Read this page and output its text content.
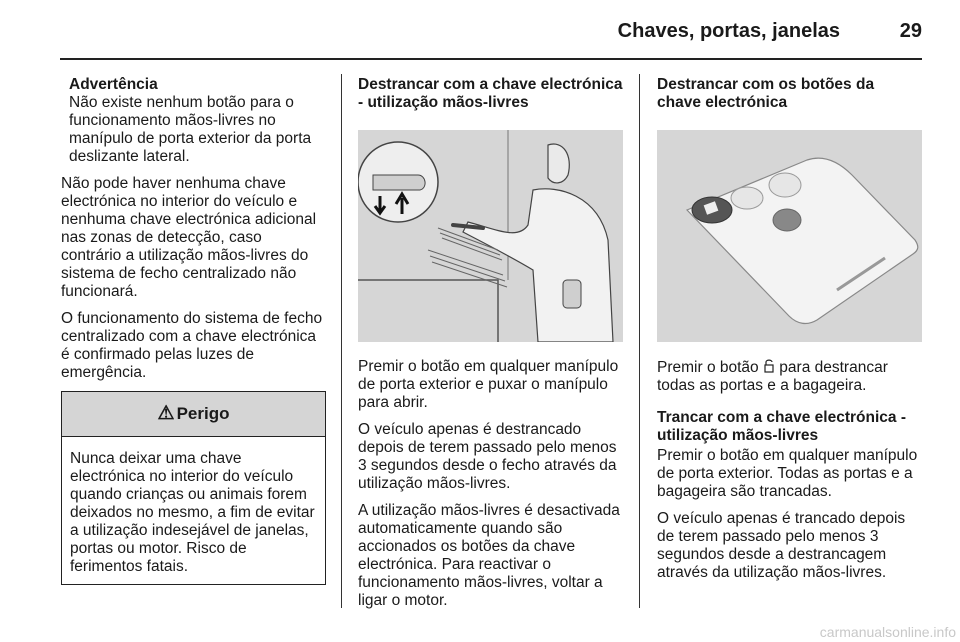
Chaves, portas, janelas	29
Advertência
Não existe nenhum botão para o funcionamento mãos-livres no manípulo de porta exterior da porta deslizante lateral.

Não pode haver nenhuma chave electrónica no interior do veículo e nenhuma chave electrónica adicional nas zonas de detecção, caso contrário a utilização mãos-livres do sistema de fecho centralizado não funcionará.

O funcionamento do sistema de fecho centralizado com a chave electrónica é confirmado pelas luzes de emergência.

⚠ Perigo
Nunca deixar uma chave electrónica no interior do veículo quando crianças ou animais forem deixados no mesmo, a fim de evitar a utilização indesejável de janelas, portas ou motor. Risco de ferimentos fatais.
Destrancar com a chave electrónica - utilização mãos-livres

Premir o botão em qualquer manípulo de porta exterior e puxar o manípulo para abrir.

O veículo apenas é destrancado depois de terem passado pelo menos 3 segundos desde o fecho através da utilização mãos-livres.

A utilização mãos-livres é desactivada automaticamente quando são accionados os botões da chave electrónica. Para reactivar o funcionamento mãos-livres, voltar a ligar o motor.

Destrancar com os botões da chave electrónica

Premir o botão para destrancar todas as portas e a bagageira.

Trancar com a chave electrónica - utilização mãos-livres

Premir o botão em qualquer manípulo de porta exterior. Todas as portas e a bagageira são trancadas.

O veículo apenas é trancado depois de terem passado pelo menos 3 segundos desde a destrancagem através da utilização mãos-livres.

carmanualsonline.info
